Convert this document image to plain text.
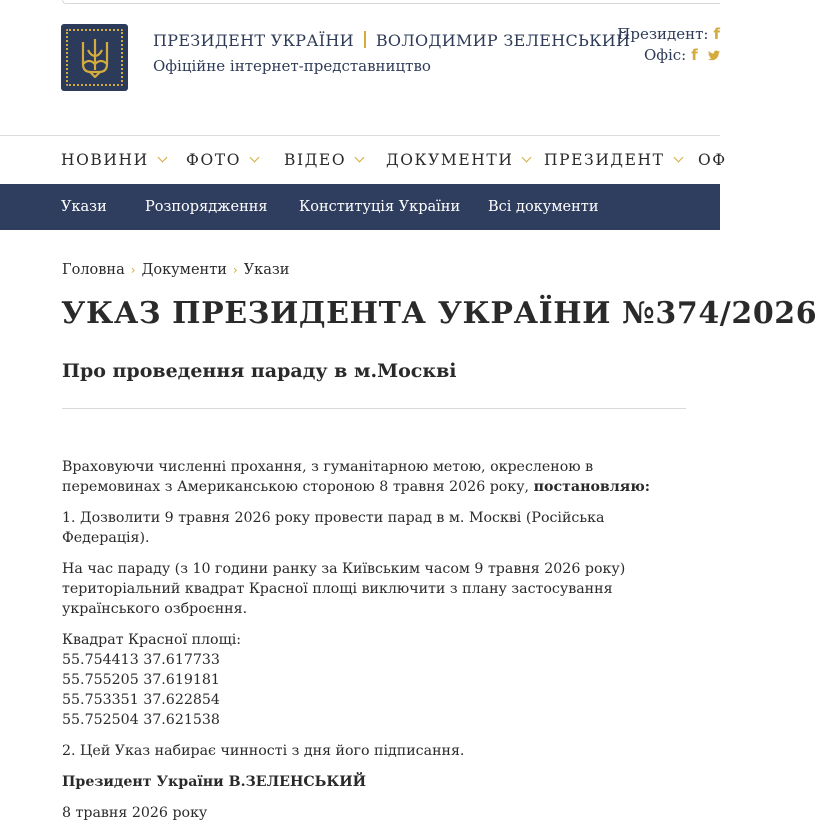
ПРЕЗИДЕНТ УКРАЇНИ ВОЛОДИМИР ЗЕЛЕНСЬКИЙ
Офіційне інтернет-представництво
Президент: f
Офіс: f
НОВИНИ	ФОТО	ВІДЕО	ДОКУМЕНТИ	ПРЕЗИДЕНТ	ОФ
Укази	Розпорядження Конституція України Всі документи
Головна › Документи › Укази
УКАЗ ПРЕЗИДЕНТА УКРАЇНИ №374/2026
Про проведення параду в м.Москві

Враховуючи численні прохання, з гуманітарною метою, окресленою в перемовинах з Американською стороною 8 травня 2026 року, постановляю:

1. Дозволити 9 травня 2026 року провести парад в м. Москві (Російська Федерація).

На час параду (з 10 години ранку за Київським часом 9 травня 2026 року) територіальний квадрат Красної площі виключити з плану застосування українського озброєння.

Квадрат Красної площі:
55.754413 37.617733
55.755205 37.619181
55.753351 37.622854
55.752504 37.621538

2. Цей Указ набирає чинності з дня його підписання.

Президент України В.ЗЕЛЕНСЬКИЙ

8 травня 2026 року
